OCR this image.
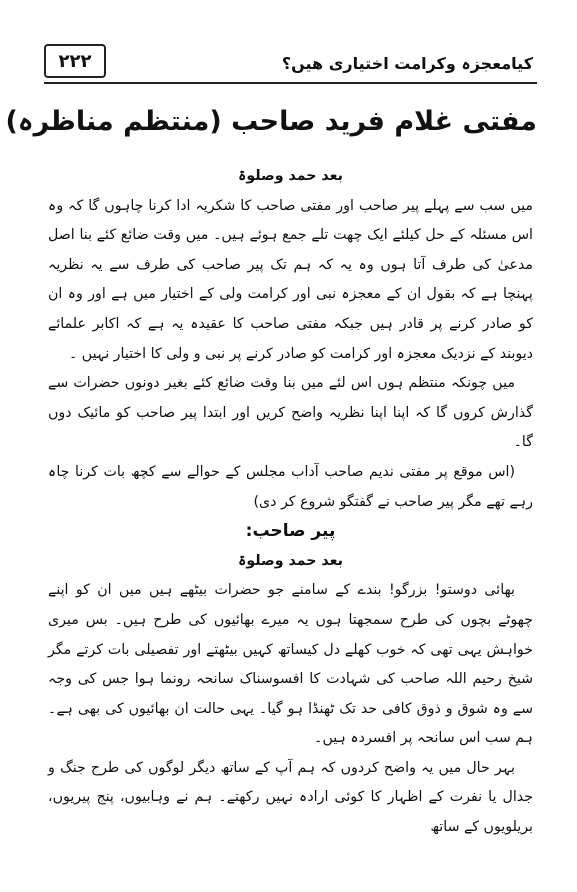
۲۲۲	کیامعجزہ وکرامت اختیاری ھیں؟
مفتی غلام فرید صاحب (منتظم مناظرہ)

بعد حمد وصلوۃ

میں سب سے پہلے پیر صاحب اور مفتی صاحب کا شکریہ ادا کرنا چاہوں گا کہ وہ اس مسئلہ کے حل کیلئے ایک چھت تلے جمع ہوئے ہیں۔ میں وقت ضائع کئے بنا اصل مدعیٰ کی طرف آتا ہوں وہ یہ کہ ہم تک پیر صاحب کی طرف سے یہ نظریہ پہنچا ہے کہ بقول ان کے معجزہ نبی اور کرامت ولی کے اختیار میں ہے اور وہ ان کو صادر کرنے پر قادر ہیں جبکہ مفتی صاحب کا عقیدہ یہ ہے کہ اکابر علمائے دیوبند کے نزدیک معجزہ اور کرامت کو صادر کرنے پر نبی و ولی کا اختیار نہیں ۔

میں چونکہ منتظم ہوں اس لئے میں بنا وقت ضائع کئے بغیر دونوں حضرات سے گذارش کروں گا کہ اپنا اپنا نظریہ واضح کریں اور ابتدا پیر صاحب کو مائیک دوں گا۔

(اس موقع پر مفتی ندیم صاحب آداب مجلس کے حوالے سے کچھ بات کرنا چاہ رہے تھے مگر پیر صاحب نے گفتگو شروع کر دی)

پیر صاحب:

بعد حمد وصلوۃ

بھائی دوستو! بزرگو! بندے کے سامنے جو حضرات بیٹھے ہیں میں ان کو اپنے چھوٹے بچوں کی طرح سمجھتا ہوں یہ میرے بھائیوں کی طرح ہیں۔ بس میری خواہش یہی تھی کہ خوب کھلے دل کیساتھ کہیں بیٹھتے اور تفصیلی بات کرتے مگر شیخ رحیم اللہ صاحب کی شہادت کا افسوسناک سانحہ رونما ہوا جس کی وجہ سے وہ شوق و ذوق کافی حد تک ٹھنڈا ہو گیا۔ یہی حالت ان بھائیوں کی بھی ہے۔ ہم سب اس سانحہ پر افسردہ ہیں۔

بہر حال میں یہ واضح کردوں کہ ہم آپ کے ساتھ دیگر لوگوں کی طرح جنگ و جدال یا نفرت کے اظہار کا کوئی ارادہ نہیں رکھتے۔ ہم نے وہابیوں، پنج پیریوں، بریلویوں کے ساتھ
